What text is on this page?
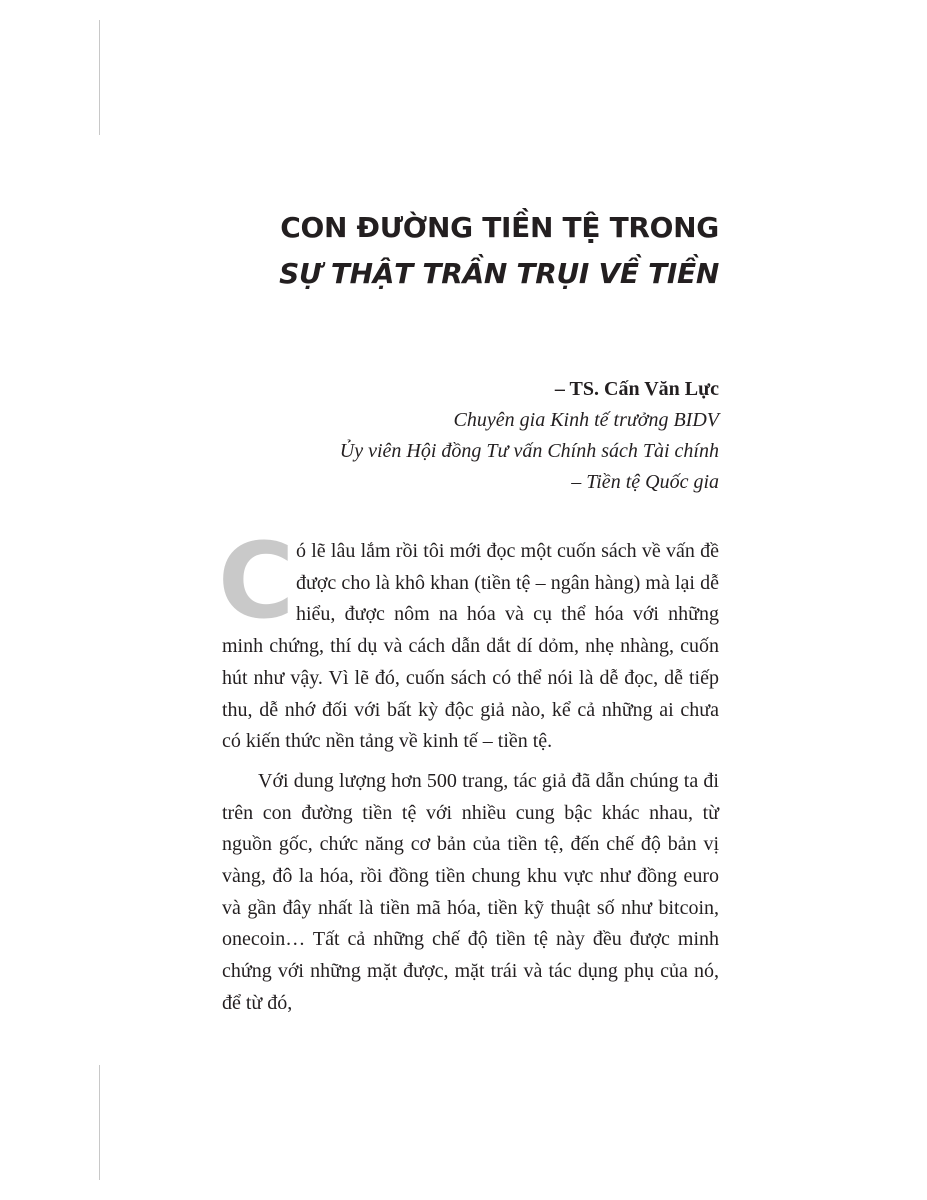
CON ĐƯỜNG TIỀN TỆ TRONG
SỰ THẬT TRẦN TRỤI VỀ TIỀN
– TS. Cấn Văn Lực
Chuyên gia Kinh tế trưởng BIDV
Ủy viên Hội đồng Tư vấn Chính sách Tài chính
– Tiền tệ Quốc gia

Có lẽ lâu lắm rồi tôi mới đọc một cuốn sách về vấn đề được cho là khô khan (tiền tệ – ngân hàng) mà lại dễ hiểu, được nôm na hóa và cụ thể hóa với những minh chứng, thí dụ và cách dẫn dắt dí dỏm, nhẹ nhàng, cuốn hút như vậy. Vì lẽ đó, cuốn sách có thể nói là dễ đọc, dễ tiếp thu, dễ nhớ đối với bất kỳ độc giả nào, kể cả những ai chưa có kiến thức nền tảng về kinh tế – tiền tệ.

Với dung lượng hơn 500 trang, tác giả đã dẫn chúng ta đi trên con đường tiền tệ với nhiều cung bậc khác nhau, từ nguồn gốc, chức năng cơ bản của tiền tệ, đến chế độ bản vị vàng, đô la hóa, rồi đồng tiền chung khu vực như đồng euro và gần đây nhất là tiền mã hóa, tiền kỹ thuật số như bitcoin, onecoin… Tất cả những chế độ tiền tệ này đều được minh chứng với những mặt được, mặt trái và tác dụng phụ của nó, để từ đó,
